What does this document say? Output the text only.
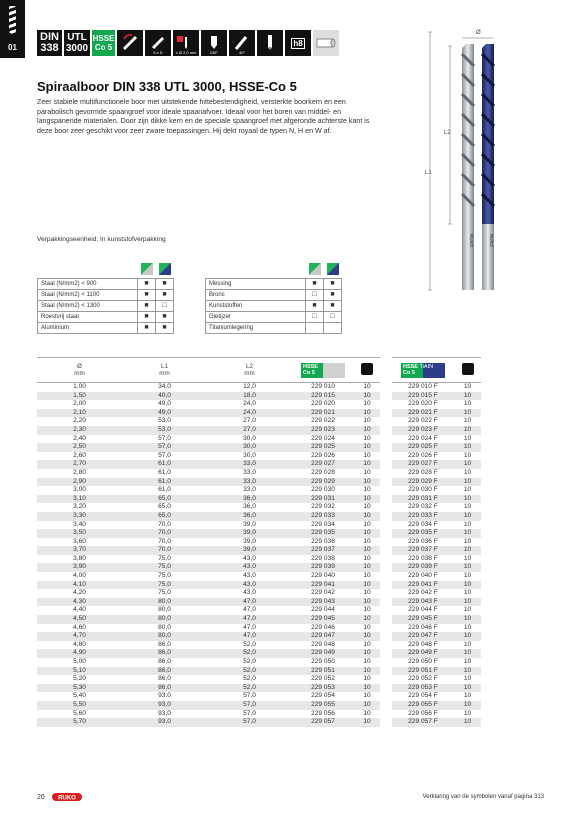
01
DIN
338
UTL
3000
HSSE
Co 5
5 x D	≥ Ø 2,0 mm	135°	40°
h8
Spiraalboor DIN 338 UTL 3000, HSSE-Co 5
Zeer stabiele multifunctionele boor met uitstekende hittebestendigheid, versterkte boorkern en een parabolisch gevormde spaangroef voor ideale spaanafvoer. Ideaal voor het boren van middel- en langspanende materialen. Door zijn dikke kern en de speciale spaangroef met afgeronde achterste kant is deze boor zeer geschikt voor zeer zware toepassingen. Hij dekt royaal de typen N, H en W af.
Verpakkingseenheid: In kunststofverpakking
L1
L2
Ø
RUKO	RUKO

Staal (N/mm2) < 900	■	■
Staal (N/mm2) < 1100	■	■
Staal (N/mm2) < 1300	■	□
Roestvrij staal	■	■
Aluminium	■	■

Messing	■	■
Brons	□	■
Kunststoffen	■	■
Gietijzer	□	□
Titaniumlegering		
Ø
mm	L1
mm	L2
mm	HSSE
Co 5			HSSE TiAIN
Co 5	
1,00	34,0	12,0	229 010	10		229 010 F	10
1,50	40,0	18,0	229 015	10		229 015 F	10
2,00	49,0	24,0	229 020	10		229 020 F	10
2,10	49,0	24,0	229 021	10		229 021 F	10
2,20	53,0	27,0	229 022	10		229 022 F	10
2,30	53,0	27,0	229 023	10		229 023 F	10
2,40	57,0	30,0	229 024	10		229 024 F	10
2,50	57,0	30,0	229 025	10		229 025 F	10
2,60	57,0	30,0	229 026	10		229 026 F	10
2,70	61,0	33,0	229 027	10		229 027 F	10
2,80	61,0	33,0	229 028	10		229 028 F	10
2,90	61,0	33,0	229 029	10		229 029 F	10
3,00	61,0	33,0	229 030	10		229 030 F	10
3,10	65,0	36,0	229 031	10		229 031 F	10
3,20	65,0	36,0	229 032	10		229 032 F	10
3,30	65,0	36,0	229 033	10		229 033 F	10
3,40	70,0	39,0	229 034	10		229 034 F	10
3,50	70,0	39,0	229 035	10		229 035 F	10
3,60	70,0	39,0	229 036	10		229 036 F	10
3,70	70,0	39,0	229 037	10		229 037 F	10
3,80	75,0	43,0	229 038	10		229 038 F	10
3,90	75,0	43,0	229 039	10		229 039 F	10
4,00	75,0	43,0	229 040	10		229 040 F	10
4,10	75,0	43,0	229 041	10		229 041 F	10
4,20	75,0	43,0	229 042	10		229 042 F	10
4,30	80,0	47,0	229 043	10		229 043 F	10
4,40	80,0	47,0	229 044	10		229 044 F	10
4,50	80,0	47,0	229 045	10		229 045 F	10
4,60	80,0	47,0	229 046	10		229 046 F	10
4,70	80,0	47,0	229 047	10		229 047 F	10
4,80	86,0	52,0	229 048	10		229 048 F	10
4,90	86,0	52,0	229 049	10		229 049 F	10
5,00	86,0	52,0	229 050	10		229 050 F	10
5,10	86,0	52,0	229 051	10		229 051 F	10
5,20	86,0	52,0	229 052	10		229 052 F	10
5,30	86,0	52,0	229 053	10		229 053 F	10
5,40	93,0	57,0	229 054	10		229 054 F	10
5,50	93,0	57,0	229 055	10		229 055 F	10
5,60	93,0	57,0	229 056	10		229 056 F	10
5,70	93,0	57,0	229 057	10		229 057 F	10
26 RUKO	Verklaring van de symbolen vanaf pagina 313
